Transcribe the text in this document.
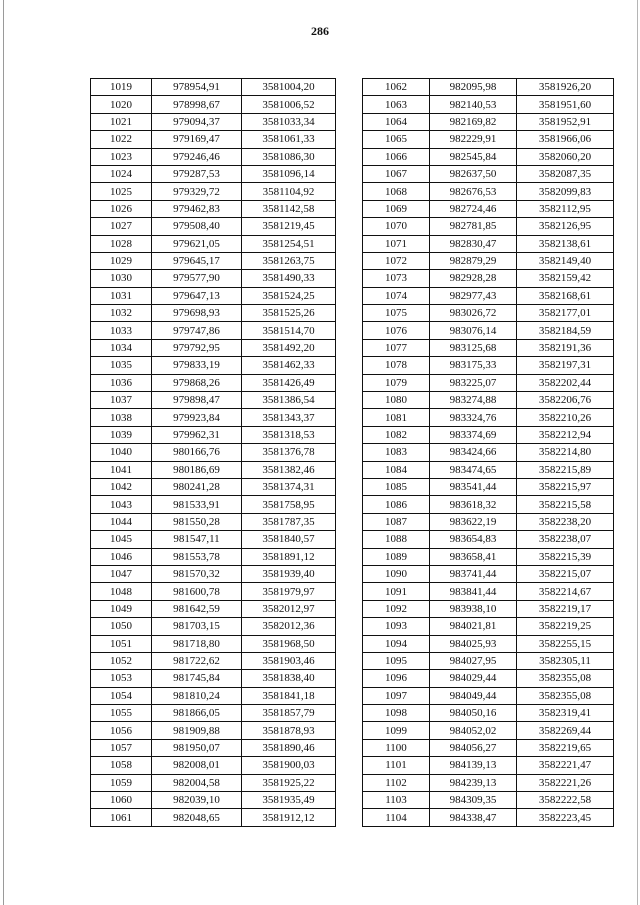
286
1019	978954,91	3581004,20
1020	978998,67	3581006,52
1021	979094,37	3581033,34
1022	979169,47	3581061,33
1023	979246,46	3581086,30
1024	979287,53	3581096,14
1025	979329,72	3581104,92
1026	979462,83	3581142,58
1027	979508,40	3581219,45
1028	979621,05	3581254,51
1029	979645,17	3581263,75
1030	979577,90	3581490,33
1031	979647,13	3581524,25
1032	979698,93	3581525,26
1033	979747,86	3581514,70
1034	979792,95	3581492,20
1035	979833,19	3581462,33
1036	979868,26	3581426,49
1037	979898,47	3581386,54
1038	979923,84	3581343,37
1039	979962,31	3581318,53
1040	980166,76	3581376,78
1041	980186,69	3581382,46
1042	980241,28	3581374,31
1043	981533,91	3581758,95
1044	981550,28	3581787,35
1045	981547,11	3581840,57
1046	981553,78	3581891,12
1047	981570,32	3581939,40
1048	981600,78	3581979,97
1049	981642,59	3582012,97
1050	981703,15	3582012,36
1051	981718,80	3581968,50
1052	981722,62	3581903,46
1053	981745,84	3581838,40
1054	981810,24	3581841,18
1055	981866,05	3581857,79
1056	981909,88	3581878,93
1057	981950,07	3581890,46
1058	982008,01	3581900,03
1059	982004,58	3581925,22
1060	982039,10	3581935,49
1061	982048,65	3581912,12
1062	982095,98	3581926,20
1063	982140,53	3581951,60
1064	982169,82	3581952,91
1065	982229,91	3581966,06
1066	982545,84	3582060,20
1067	982637,50	3582087,35
1068	982676,53	3582099,83
1069	982724,46	3582112,95
1070	982781,85	3582126,95
1071	982830,47	3582138,61
1072	982879,29	3582149,40
1073	982928,28	3582159,42
1074	982977,43	3582168,61
1075	983026,72	3582177,01
1076	983076,14	3582184,59
1077	983125,68	3582191,36
1078	983175,33	3582197,31
1079	983225,07	3582202,44
1080	983274,88	3582206,76
1081	983324,76	3582210,26
1082	983374,69	3582212,94
1083	983424,66	3582214,80
1084	983474,65	3582215,89
1085	983541,44	3582215,97
1086	983618,32	3582215,58
1087	983622,19	3582238,20
1088	983654,83	3582238,07
1089	983658,41	3582215,39
1090	983741,44	3582215,07
1091	983841,44	3582214,67
1092	983938,10	3582219,17
1093	984021,81	3582219,25
1094	984025,93	3582255,15
1095	984027,95	3582305,11
1096	984029,44	3582355,08
1097	984049,44	3582355,08
1098	984050,16	3582319,41
1099	984052,02	3582269,44
1100	984056,27	3582219,65
1101	984139,13	3582221,47
1102	984239,13	3582221,26
1103	984309,35	3582222,58
1104	984338,47	3582223,45
